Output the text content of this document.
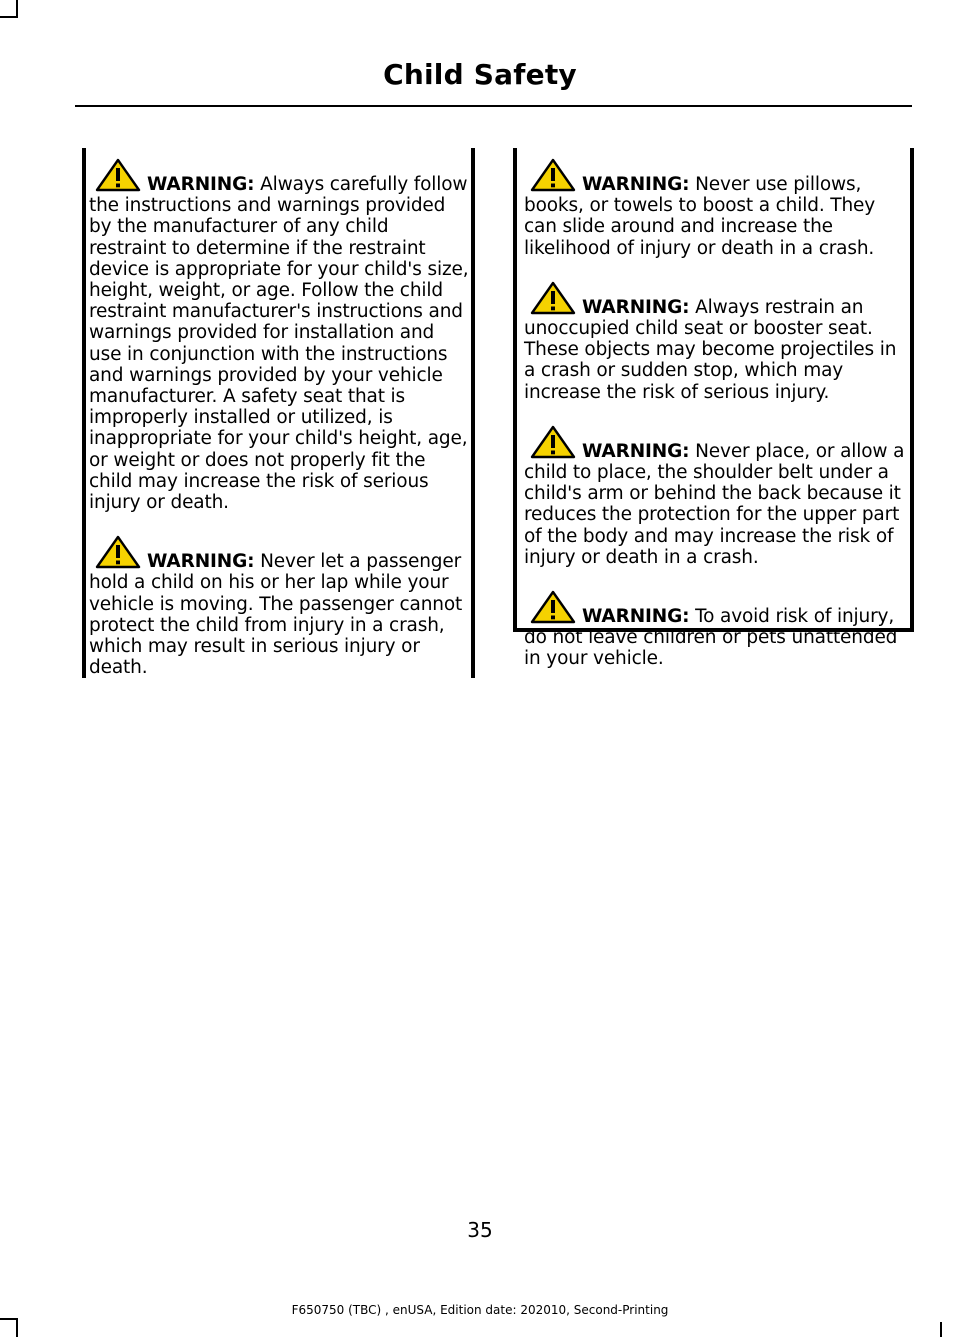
Child Safety
WARNING: Always carefully follow the instructions and warnings provided by the manufacturer of any child restraint to determine if the restraint device is appropriate for your child's size, height, weight, or age. Follow the child restraint manufacturer's instructions and warnings provided for installation and use in conjunction with the instructions and warnings provided by your vehicle manufacturer. A safety seat that is improperly installed or utilized, is inappropriate for your child's height, age, or weight or does not properly fit the child may increase the risk of serious injury or death.
WARNING: Never let a passenger hold a child on his or her lap while your vehicle is moving. The passenger cannot protect the child from injury in a crash, which may result in serious injury or death.
WARNING: Never use pillows, books, or towels to boost a child. They can slide around and increase the likelihood of injury or death in a crash.
WARNING: Always restrain an unoccupied child seat or booster seat. These objects may become projectiles in a crash or sudden stop, which may increase the risk of serious injury.
WARNING: Never place, or allow a child to place, the shoulder belt under a child's arm or behind the back because it reduces the protection for the upper part of the body and may increase the risk of injury or death in a crash.
WARNING: To avoid risk of injury, do not leave children or pets unattended in your vehicle.
35
F650750 (TBC) , enUSA, Edition date: 202010, Second-Printing
